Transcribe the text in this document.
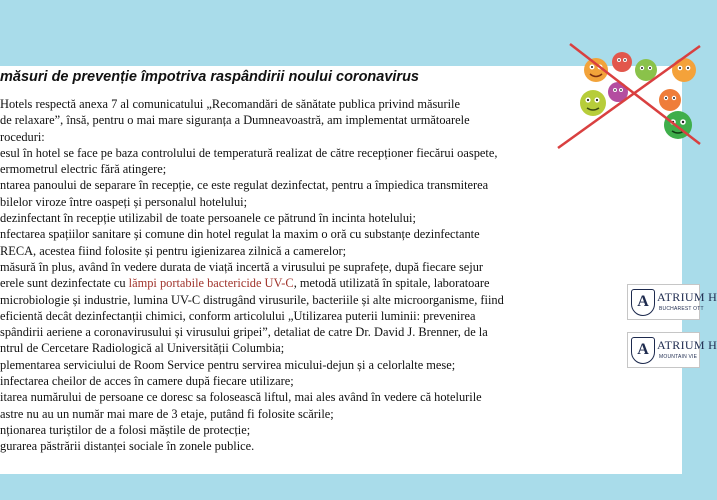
măsuri de prevenție împotriva raspândirii noului coronavirus

Hotels respectă anexa 7 al comunicatului „Recomandări de sănătate publica privind măsurile

de relaxare”, însă, pentru o mai mare siguranța a Dumneavoastră, am implementat următoarele

roceduri:

esul în hotel se face pe baza controlului de temperatură realizat de către recepționer fiecărui oaspete,

ermometrul electric fără atingere;

ntarea panoului de separare în recepție, ce este regulat dezinfectat, pentru a împiedica transmiterea

bilelor viroze între oaspeți și personalul hotelului;

dezinfectant în recepție utilizabil de toate persoanele ce pătrund în incinta hotelului;

nfectarea spațiilor sanitare și comune din hotel regulat la maxim o oră cu substanțe dezinfectante

RECA, acestea fiind folosite și pentru igienizarea zilnică a camerelor;

măsură în plus, având în vedere durata de viață incertă a virusului pe suprafețe, după fiecare sejur

erele sunt dezinfectate cu lămpi portabile bactericide UV-C, metodă utilizată în spitale, laboratoare

microbiologie și industrie, lumina UV-C distrugând virusurile, bacteriile și alte microorganisme, fiind

eficientă decât dezinfectanții chimici, conform articolului „Utilizarea puterii luminii: prevenirea

spândirii aeriene a coronavirusului și virusului gripei”, detaliat de catre Dr. David J. Brenner, de la

ntrul de Cercetare Radiologică al Universității Columbia;

plementarea serviciului de Room Service pentru servirea micului-dejun și a celorlalte mese;

infectarea cheilor de acces în camere după fiecare utilizare;

itarea numărului de persoane ce doresc sa folosească liftul, mai ales având în vedere că hotelurile

astre nu au un număr mai mare de 3 etaje, putând fi folosite scările;

nționarea turiștilor de a folosi măștile de protecție;

gurarea păstrării distanței sociale în zonele publice.

A ATRIUM H
BUCHAREST OTT
A ATRIUM H
MOUNTAIN VIE
